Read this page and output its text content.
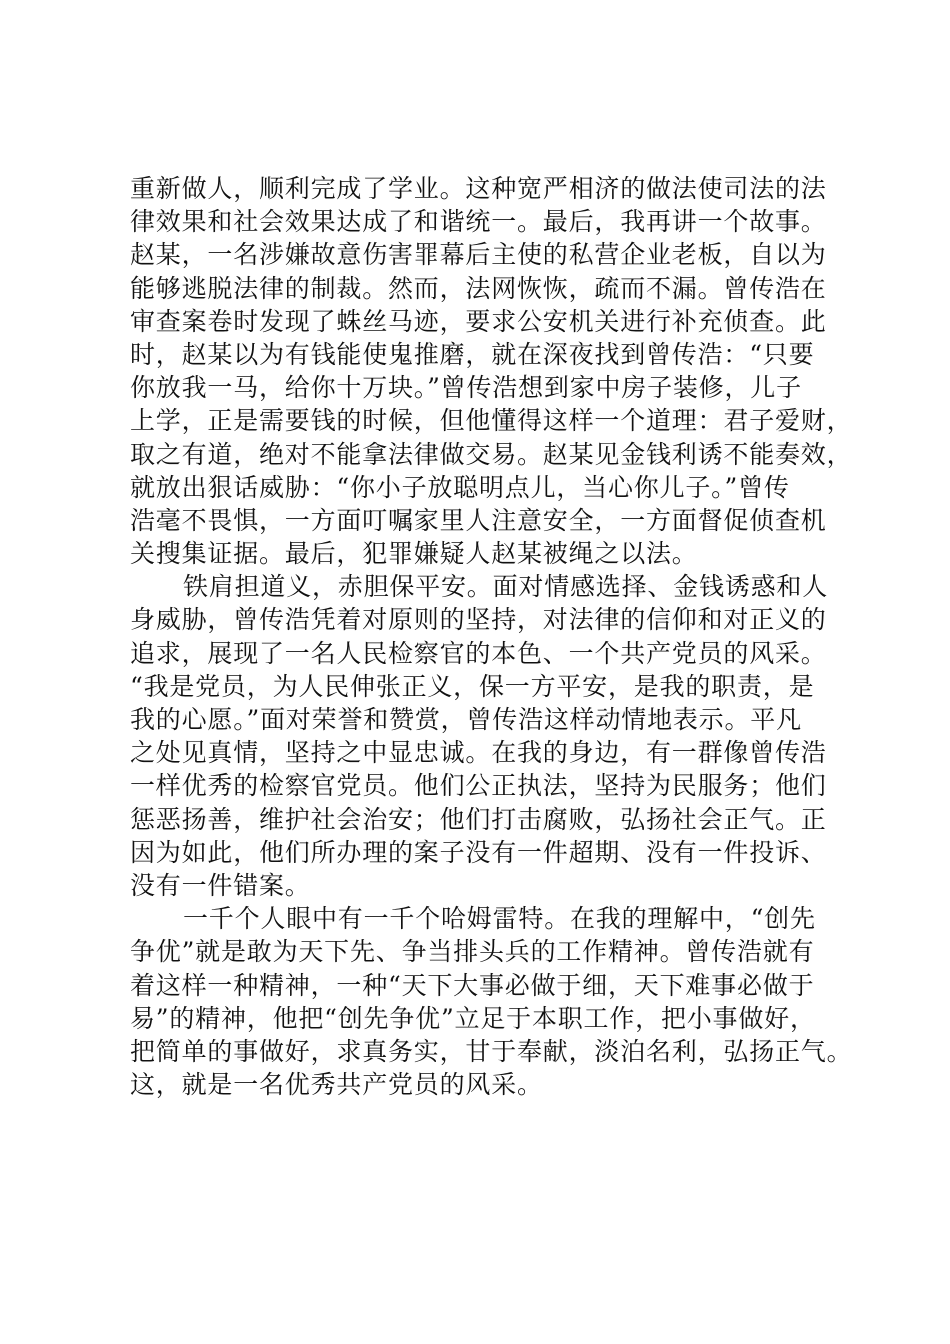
重新做人，顺利完成了学业。这种宽严相济的做法使司法的法
律效果和社会效果达成了和谐统一。最后，我再讲一个故事。
赵某，一名涉嫌故意伤害罪幕后主使的私营企业老板，自以为
能够逃脱法律的制裁。然而，法网恢恢，疏而不漏。曾传浩在
审查案卷时发现了蛛丝马迹，要求公安机关进行补充侦查。此
时，赵某以为有钱能使鬼推磨，就在深夜找到曾传浩：“只要
你放我一马，给你十万块。”曾传浩想到家中房子装修，儿子
上学，正是需要钱的时候，但他懂得这样一个道理：君子爱财，
取之有道，绝对不能拿法律做交易。赵某见金钱利诱不能奏效，
就放出狠话威胁：“你小子放聪明点儿，当心你儿子。”曾传
浩毫不畏惧，一方面叮嘱家里人注意安全，一方面督促侦查机
关搜集证据。最后，犯罪嫌疑人赵某被绳之以法。
铁肩担道义，赤胆保平安。面对情感选择、金钱诱惑和人
身威胁，曾传浩凭着对原则的坚持，对法律的信仰和对正义的
追求，展现了一名人民检察官的本色、一个共产党员的风采。
“我是党员，为人民伸张正义，保一方平安，是我的职责，是
我的心愿。”面对荣誉和赞赏，曾传浩这样动情地表示。平凡
之处见真情，坚持之中显忠诚。在我的身边，有一群像曾传浩
一样优秀的检察官党员。他们公正执法，坚持为民服务；他们
惩恶扬善，维护社会治安；他们打击腐败，弘扬社会正气。正
因为如此，他们所办理的案子没有一件超期、没有一件投诉、
没有一件错案。
一千个人眼中有一千个哈姆雷特。在我的理解中，“创先
争优”就是敢为天下先、争当排头兵的工作精神。曾传浩就有
着这样一种精神，一种“天下大事必做于细，天下难事必做于
易”的精神，他把“创先争优”立足于本职工作，把小事做好，
把简单的事做好，求真务实，甘于奉献，淡泊名利，弘扬正气。
这，就是一名优秀共产党员的风采。
